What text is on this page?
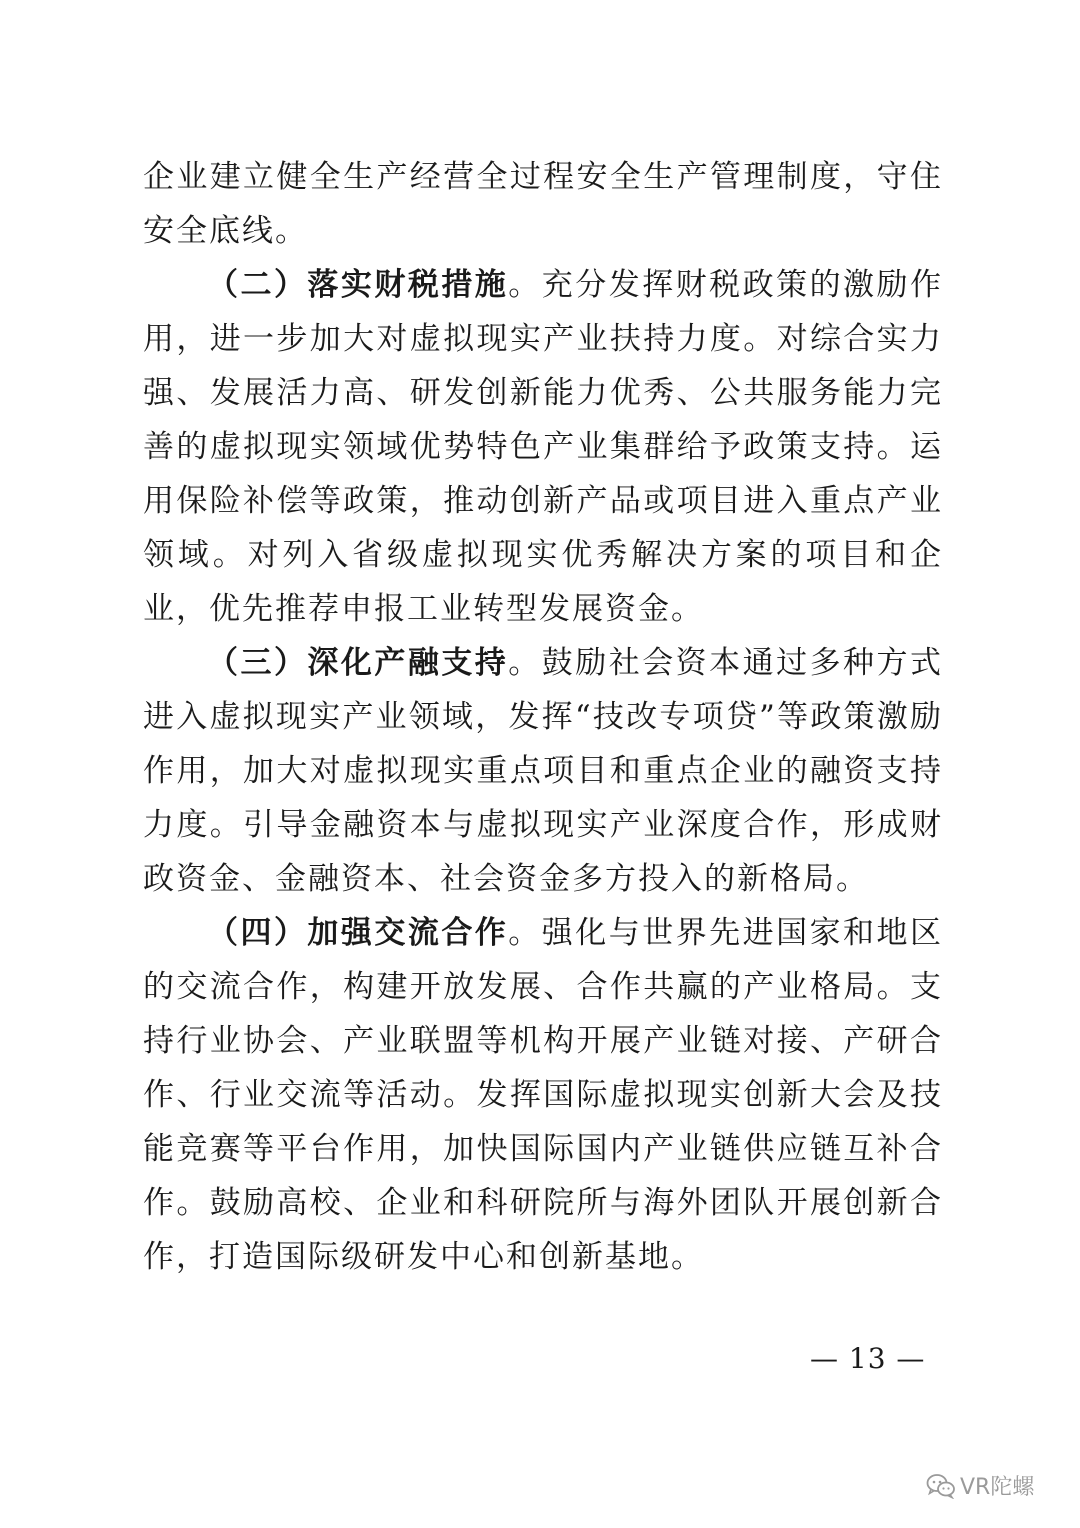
企业建立健全生产经营全过程安全生产管理制度，守住安全底线。

（二）落实财税措施。充分发挥财税政策的激励作用，进一步加大对虚拟现实产业扶持力度。对综合实力强、发展活力高、研发创新能力优秀、公共服务能力完善的虚拟现实领域优势特色产业集群给予政策支持。运用保险补偿等政策，推动创新产品或项目进入重点产业领域。对列入省级虚拟现实优秀解决方案的项目和企业，优先推荐申报工业转型发展资金。

（三）深化产融支持。鼓励社会资本通过多种方式进入虚拟现实产业领域，发挥“技改专项贷”等政策激励作用，加大对虚拟现实重点项目和重点企业的融资支持力度。引导金融资本与虚拟现实产业深度合作，形成财政资金、金融资本、社会资金多方投入的新格局。

（四）加强交流合作。强化与世界先进国家和地区的交流合作，构建开放发展、合作共赢的产业格局。支持行业协会、产业联盟等机构开展产业链对接、产研合作、行业交流等活动。发挥国际虚拟现实创新大会及技能竞赛等平台作用，加快国际国内产业链供应链互补合作。鼓励高校、企业和科研院所与海外团队开展创新合作，打造国际级研发中心和创新基地。

— 13 —
VR陀螺
